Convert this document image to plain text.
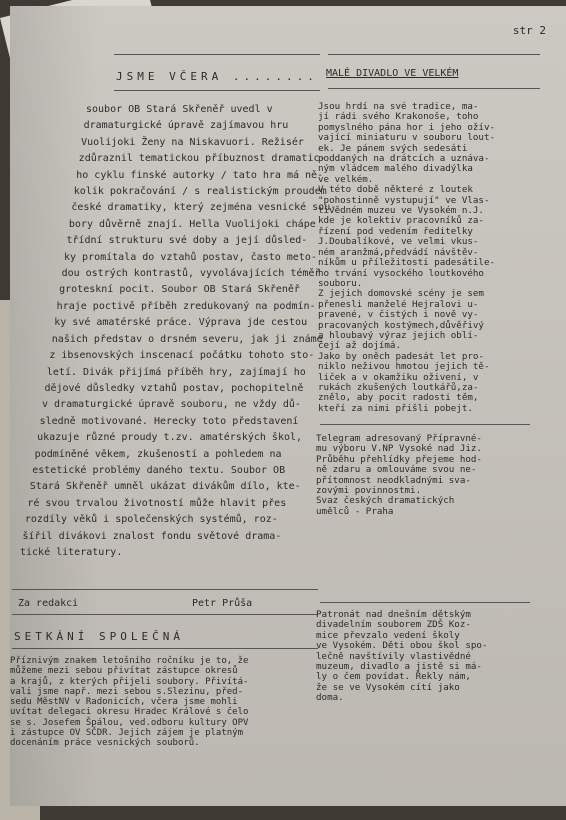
str 2
JSME VČERA ........ MALÉ DIVADLO VE VELKÉM
soubor OB Stará Skřeněř uvedl v
dramaturgické úpravě zajímavou hru
Vuolijoki Ženy na Niskavuori. Režisér
zdůraznil tematickou příbuznost dramatic-
ho cyklu finské autorky / tato hra má ně-
kolik pokračování / s realistickým proudem
české dramatiky, který zejména vesnické sou-
bory důvěrně znají. Hella Vuolijoki chápe
třídní strukturu své doby a její důsled-
ky promítala do vztahů postav, často meto-
dou ostrých kontrastů, vyvolávajících téměř
groteskní pocit. Soubor OB Stará Skřeněř
hraje poctivě příběh zredukovaný na podmín-
ky své amatérské práce. Výprava jde cestou
našich představ o drsném severu, jak ji známe
z ibsenovských inscenací počátku tohoto sto-
letí. Divák přijímá příběh hry, zajímají ho
dějové důsledky vztahů postav, pochopitelně
v dramaturgické úpravě souboru, ne vždy dů-
sledně motivované. Herecky toto představení
ukazuje různé proudy t.zv. amatérských škol,
podmíněné věkem, zkušeností a pohledem na
estetické problémy daného textu. Soubor OB
Stará Skřeněř umněl ukázat divákům dílo, kte-
ré svou trvalou životností může hlavit přes
rozdíly věků i společenských systémů, roz-
šířil divákovi znalost fondu světové drama-
tické literatury.
Za redakci	Petr Průša
SETKÁNÍ SPOLEČNÁ
Příznivým znakem letošního ročníku je to, že
můžeme mezi sebou přivítat zástupce okresů
a krajů, z kterých přijeli soubory. Přivítá-
vali jsme např. mezi sebou s.Slezinu, před-
sedu MěstNV v Radonicích, včera jsme mohli
uvítat delegaci okresu Hradec Králové s čelo
se s. Josefem Špálou, ved.odboru kultury OPV
i zástupce OV SČDR. Jejich zájem je platným
docenáním práce vesnických souborů.
Jsou hrdí na své tradice, ma-
jí rádi svého Krakonoše, toho
pomyslného pána hor i jeho ožív-
vající miniaturu v souboru lout-
ek. Je pánem svých sedesáti
poddaných na drátcích a uznáva-
ným vládcem malého divadýlka
ve velkém.
V této době některé z loutek
"pohostinně vystupují" ve Vlas-
tivědném muzeu ve Vysokém n.J.
kde je kolektiv pracovníků za-
řízení pod vedením ředitelky
J.Doubalíkové, ve velmi vkus-
ném aranžmá,předvádí návštěv-
níkům u příležitosti padesátile-
ho trvání vysockého loutkového
souboru.
Z jejich domovské scény je sem
přenesli manželé Hejralovi u-
pravené, v čistých i nově vy-
pracovaných kostýmech,důvěřivý
a hloubavý výraz jejich oblí-
čejí až dojímá.
Jako by oněch padesát let pro-
niklo neživou hmotou jejich tě-
liček a v okamžiku oživení, v
rukách zkušených loutkářů,za-
znělo, aby pocit radosti těm,
kteří za nimi přišli pobejt.
Telegram adresovaný Přípravné-
mu výboru V.NP Vysoké nad Jiz.
Průběhu přehlídky přejeme hod-
ně zdaru a omlouváme svou ne-
přítomnost neodkladnými sva-
zovými povinnostmi.
Svaz českých dramatických
umělců - Praha
Patronát nad dnešním dětským
divadelním souborem ZDŠ Koz-
mice převzalo vedení školy
ve Vysokém. Děti obou škol spo-
lečně navštívily vlastivědné
muzeum, divadlo a jistě si má-
ly o čem povídat. Řekly nám,
že se ve Vysokém cítí jako
doma.
